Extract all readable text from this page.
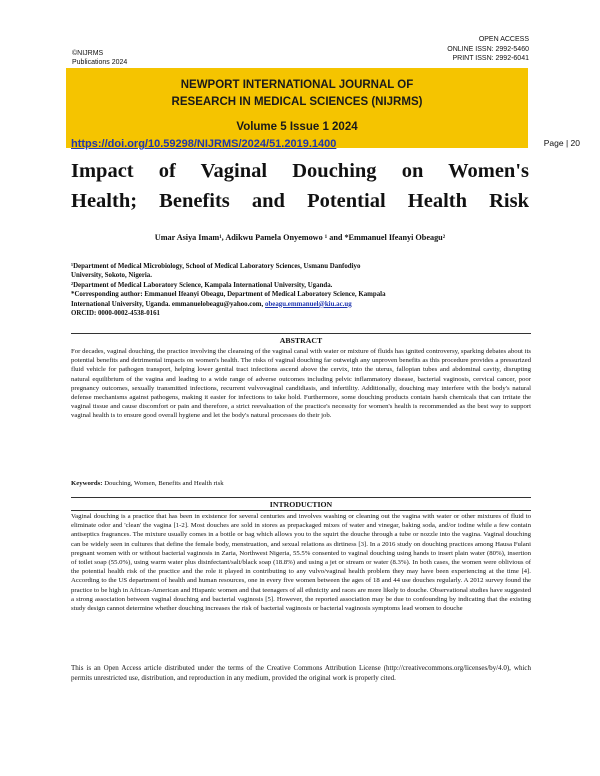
©NIJRMS
Publications 2024
OPEN ACCESS
ONLINE ISSN: 2992-5460
PRINT ISSN: 2992-6041
NEWPORT INTERNATIONAL JOURNAL OF
RESEARCH IN MEDICAL SCIENCES (NIJRMS)
Volume 5 Issue 1 2024
https://doi.org/10.59298/NIJRMS/2024/51.2019.1400	Page | 20
Impact of Vaginal Douching on Women's
Health; Benefits and Potential Health Risk
Umar Asiya Imam¹, Adikwu Pamela Onyemowo ¹ and *Emmanuel Ifeanyi Obeagu²
¹Department of Medical Microbiology, School of Medical Laboratory Sciences, Usmanu Danfodiyo
University, Sokoto, Nigeria.
²Department of Medical Laboratory Science, Kampala International University, Uganda.
*Corresponding author: Emmanuel Ifeanyi Obeagu, Department of Medical Laboratory Science, Kampala
International University, Uganda. emmanuelobeagu@yahoo.com, obeagu.emmanuel@kiu.ac.ug
ORCID: 0000-0002-4538-0161
ABSTRACT
For decades, vaginal douching, the practice involving the cleansing of the vaginal canal with water or mixture of fluids has ignited controversy, sparking debates about its potential benefits and detrimental impacts on women's health. The risks of vaginal douching far outweigh any unproven benefits as this procedure provides a pressurized fluid vehicle for pathogen transport, helping lower genital tract infections ascend above the cervix, into the uterus, fallopian tubes and abdominal cavity, disrupting natural equilibrium of the vagina and leading to a wide range of adverse outcomes including pelvic inflammatory disease, bacterial vaginosis, cervical cancer, poor pregnancy outcomes, sexually transmitted infections, recurrent vulvovaginal candidiasis, and infertility. Additionally, douching may interfere with the body's natural defense mechanisms against pathogens, making it easier for infections to take hold. Furthermore, some douching products contain harsh chemicals that can irritate the vaginal tissue and cause discomfort or pain and therefore, a strict reevaluation of the practice's necessity for women's health is recommended as the best way to support vaginal health is to ensure good overall hygiene and let the body's natural processes do their job.
Keywords: Douching, Women, Benefits and Health risk
INTRODUCTION
Vaginal douching is a practice that has been in existence for several centuries and involves washing or cleaning out the vagina with water or other mixtures of fluid to eliminate odor and 'clean' the vagina [1-2]. Most douches are sold in stores as prepackaged mixes of water and vinegar, baking soda, and/or iodine while a few contain antiseptics fragrances. The mixture usually comes in a bottle or bag which allows you to the squirt the douche through a tube or nozzle into the vagina. Vaginal douching can be widely seen in cultures that define the female body, menstruation, and sexual relations as dirtiness [3]. In a 2016 study on douching practices among Hausa Fulani pregnant women with or without bacterial vaginosis in Zaria, Northwest Nigeria, 55.5% consented to vaginal douching using hands to insert plain water (80%), insertion of toilet soap (55.0%), using warm water plus disinfectant/salt/black soap (18.8%) and using a jet or stream or water (8.3%). In both cases, the women were oblivious of the potential health risk of the practice and the role it played in contributing to any vulvo/vaginal health problem they may have been experiencing at the time [4]. According to the US department of health and human resources, one in every five women between the ages of 18 and 44 use douches regularly. A 2012 survey found the practice to be high in African-American and Hispanic women and that teenagers of all ethnicity and races are more likely to douche. Observational studies have suggested a strong association between vaginal douching and bacterial vaginosis [5]. However, the reported association may be due to confounding by indicating that the existing study design cannot determine whether douching increases the risk of bacterial vaginosis or bacterial vaginosis symptoms lead women to douche
This is an Open Access article distributed under the terms of the Creative Commons Attribution License (http://creativecommons.org/licenses/by/4.0), which permits unrestricted use, distribution, and reproduction in any medium, provided the original work is properly cited.
